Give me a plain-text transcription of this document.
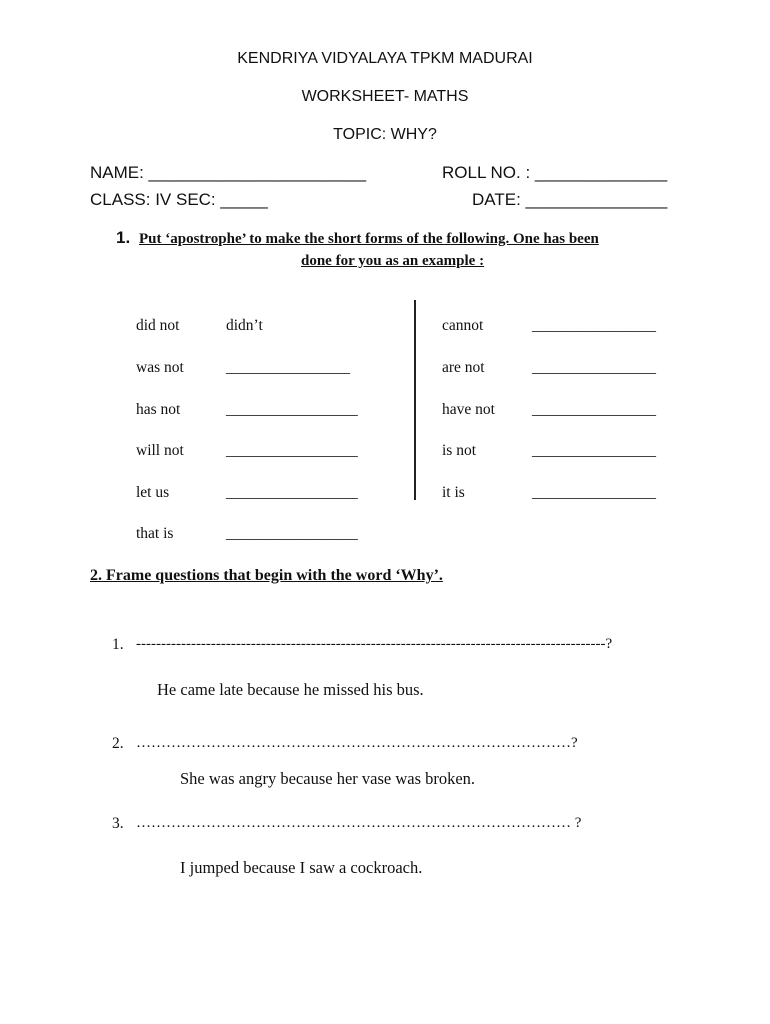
KENDRIYA VIDYALAYA TPKM MADURAI
WORKSHEET- MATHS
TOPIC: WHY?
NAME: _______________________	ROLL NO. : ______________
CLASS: IV SEC: _____	DATE: _______________
1. Put ‘apostrophe’ to make the short forms of the following. One has been
done for you as an example :
did not	didn’t
was not	________________
has not	_________________
will not	_________________
let us	_________________
that is	_________________
cannot	________________
are not	________________
have not ________________
is not	________________
it is	________________
2. Frame questions that begin with the word ‘Why’.
1. ----------------------------------------------------------------------------------------------?
He came late because he missed his bus.
2. ……………………………………………………………………………?
She was angry because her vase was broken.
3. …………………………………………………………………………… ?
I jumped because I saw a cockroach.
